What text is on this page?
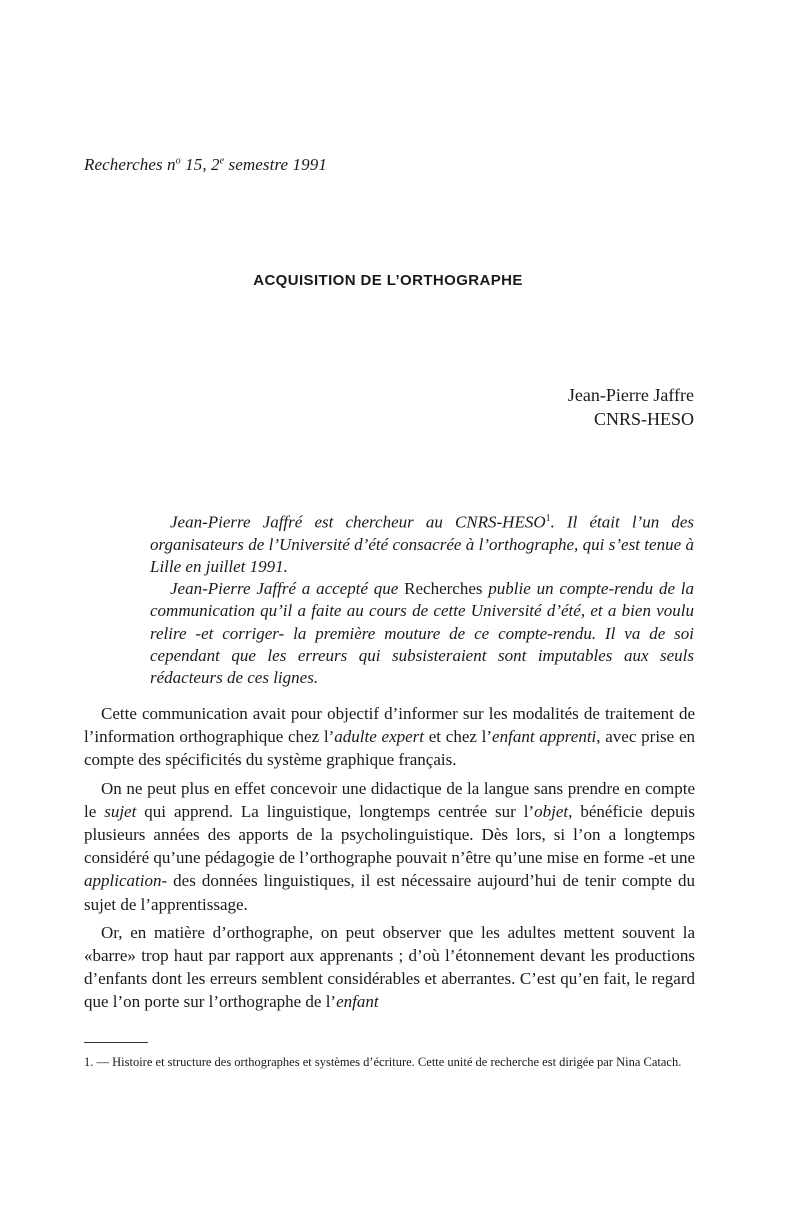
Recherches $n^o$ 15, 2e semestre 1991
ACQUISITION DE L’ORTHOGRAPHE
Jean-Pierre Jaffre
CNRS-HESO

Jean-Pierre Jaffré est chercheur au CNRS-HESO$^1$. Il était l’un des organisateurs de l’Université d’été consacrée à l’orthographe, qui s’est tenue à Lille en juillet 1991.

Jean-Pierre Jaffré a accepté que Recherches publie un compte-rendu de la communication qu’il a faite au cours de cette Université d’été, et a bien voulu relire -et corriger- la première mouture de ce compte-rendu. Il va de soi cependant que les erreurs qui subsisteraient sont imputables aux seuls rédacteurs de ces lignes.

Cette communication avait pour objectif d’informer sur les modalités de traitement de l’information orthographique chez l’adulte expert et chez l’enfant apprenti, avec prise en compte des spécificités du système graphique français.

On ne peut plus en effet concevoir une didactique de la langue sans prendre en compte le sujet qui apprend. La linguistique, longtemps centrée sur l’objet, bénéficie depuis plusieurs années des apports de la psycholinguistique. Dès lors, si l’on a longtemps considéré qu’une pédagogie de l’orthographe pouvait n’être qu’une mise en forme -et une application- des données linguistiques, il est nécessaire aujourd’hui de tenir compte du sujet de l’apprentissage.

Or, en matière d’orthographe, on peut observer que les adultes mettent souvent la «barre» trop haut par rapport aux apprenants ; d’où l’étonnement devant les productions d’enfants dont les erreurs semblent considérables et aberrantes. C’est qu’en fait, le regard que l’on porte sur l’orthographe de l’enfant

1. — Histoire et structure des orthographes et systèmes d’écriture. Cette unité de recherche est dirigée par Nina Catach.
